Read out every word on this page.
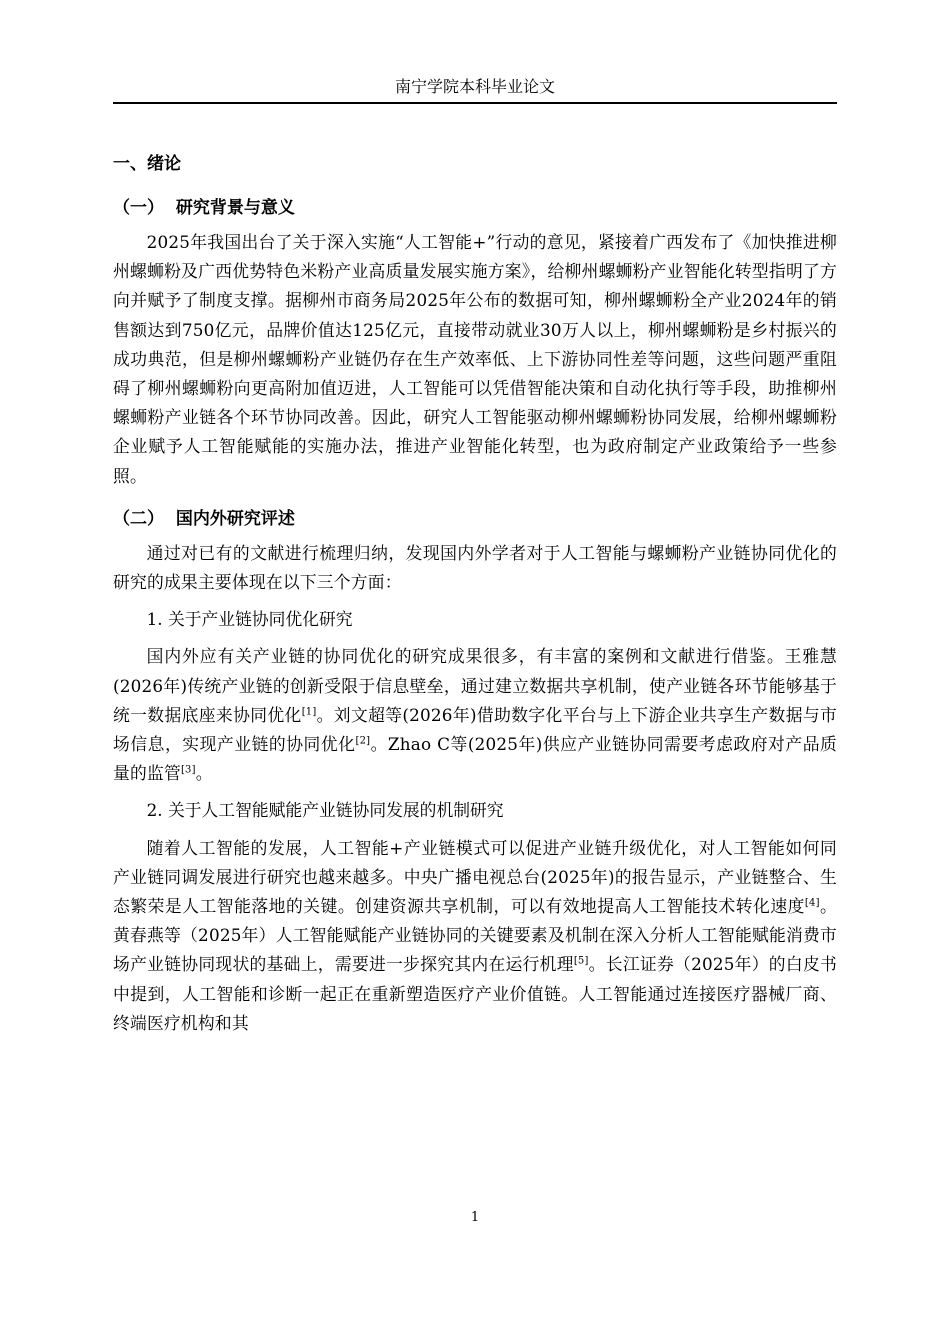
南宁学院本科毕业论文
一、绪论
（一）  研究背景与意义

2025年我国出台了关于深入实施“人工智能+”行动的意见，紧接着广西发布了《加快推进柳州螺蛳粉及广西优势特色米粉产业高质量发展实施方案》，给柳州螺蛳粉产业智能化转型指明了方向并赋予了制度支撑。据柳州市商务局2025年公布的数据可知，柳州螺蛳粉全产业2024年的销售额达到750亿元，品牌价值达125亿元，直接带动就业30万人以上，柳州螺蛳粉是乡村振兴的成功典范，但是柳州螺蛳粉产业链仍存在生产效率低、上下游协同性差等问题，这些问题严重阻碍了柳州螺蛳粉向更高附加值迈进，人工智能可以凭借智能决策和自动化执行等手段，助推柳州螺蛳粉产业链各个环节协同改善。因此，研究人工智能驱动柳州螺蛳粉协同发展，给柳州螺蛳粉企业赋予人工智能赋能的实施办法，推进产业智能化转型，也为政府制定产业政策给予一些参照。

（二）  国内外研究评述

通过对已有的文献进行梳理归纳，发现国内外学者对于人工智能与螺蛳粉产业链协同优化的研究的成果主要体现在以下三个方面：

1. 关于产业链协同优化研究

国内外应有关产业链的协同优化的研究成果很多，有丰富的案例和文献进行借鉴。王雅慧(2026年)传统产业链的创新受限于信息壁垒，通过建立数据共享机制，使产业链各环节能够基于统一数据底座来协同优化[1]。刘文超等(2026年)借助数字化平台与上下游企业共享生产数据与市场信息，实现产业链的协同优化[2]。Zhao C等(2025年)供应产业链协同需要考虑政府对产品质量的监管[3]。

2. 关于人工智能赋能产业链协同发展的机制研究

随着人工智能的发展，人工智能+产业链模式可以促进产业链升级优化，对人工智能如何同产业链同调发展进行研究也越来越多。中央广播电视总台(2025年)的报告显示，产业链整合、生态繁荣是人工智能落地的关键。创建资源共享机制，可以有效地提高人工智能技术转化速度[4]。黄春燕等（2025年）人工智能赋能产业链协同的关键要素及机制在深入分析人工智能赋能消费市场产业链协同现状的基础上，需要进一步探究其内在运行机理[5]。长江证券（2025年）的白皮书中提到，人工智能和诊断一起正在重新塑造医疗产业价值链。人工智能通过连接医疗器械厂商、终端医疗机构和其

1
